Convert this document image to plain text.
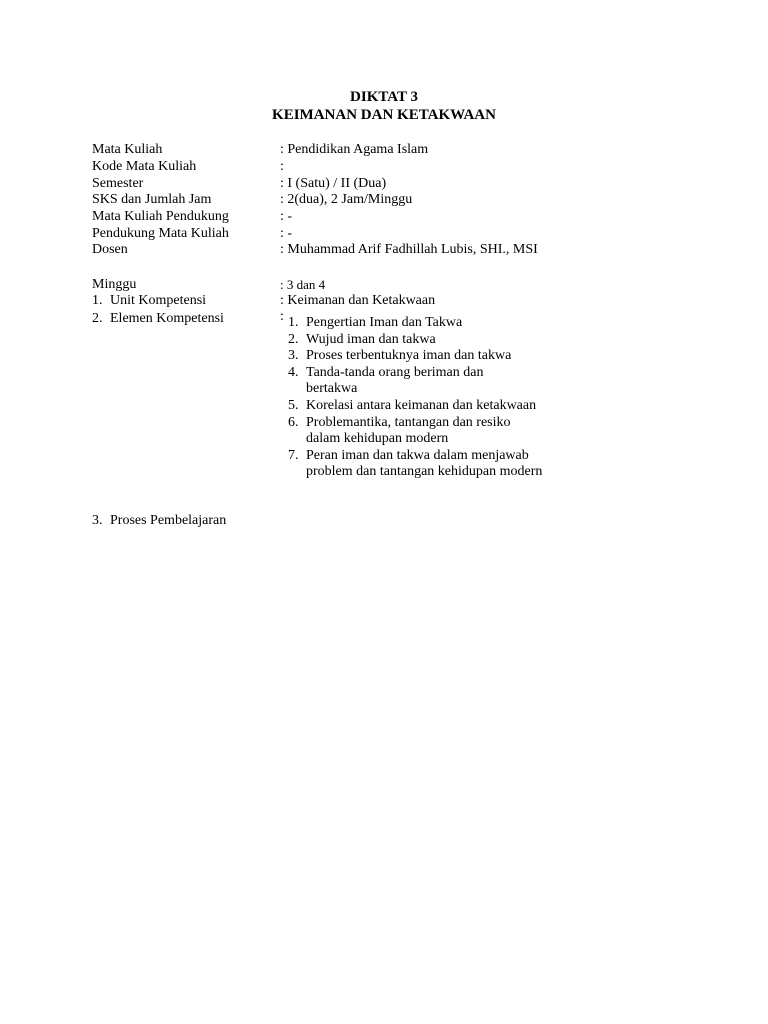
DIKTAT 3
KEIMANAN DAN KETAKWAAN
Mata Kuliah	: Pendidikan Agama Islam
Kode Mata Kuliah	:
Semester	: I (Satu) / II (Dua)
SKS dan Jumlah Jam	: 2(dua), 2 Jam/Minggu
Mata Kuliah Pendukung	: -
Pendukung Mata Kuliah	: -
Dosen	: Muhammad Arif Fadhillah Lubis, SHI., MSI
Minggu	: 3 dan 4
1. Unit Kompetensi	: Keimanan dan Ketakwaan
2. Elemen Kompetensi	: 1. Pengertian Iman dan Takwa
2. Wujud iman dan takwa
3. Proses terbentuknya iman dan takwa
4. Tanda-tanda orang beriman dan bertakwa
5. Korelasi antara keimanan dan ketakwaan
6. Problemantika, tantangan dan resiko dalam kehidupan modern
7. Peran iman dan takwa dalam menjawab problem dan tantangan kehidupan modern
3. Proses Pembelajaran
